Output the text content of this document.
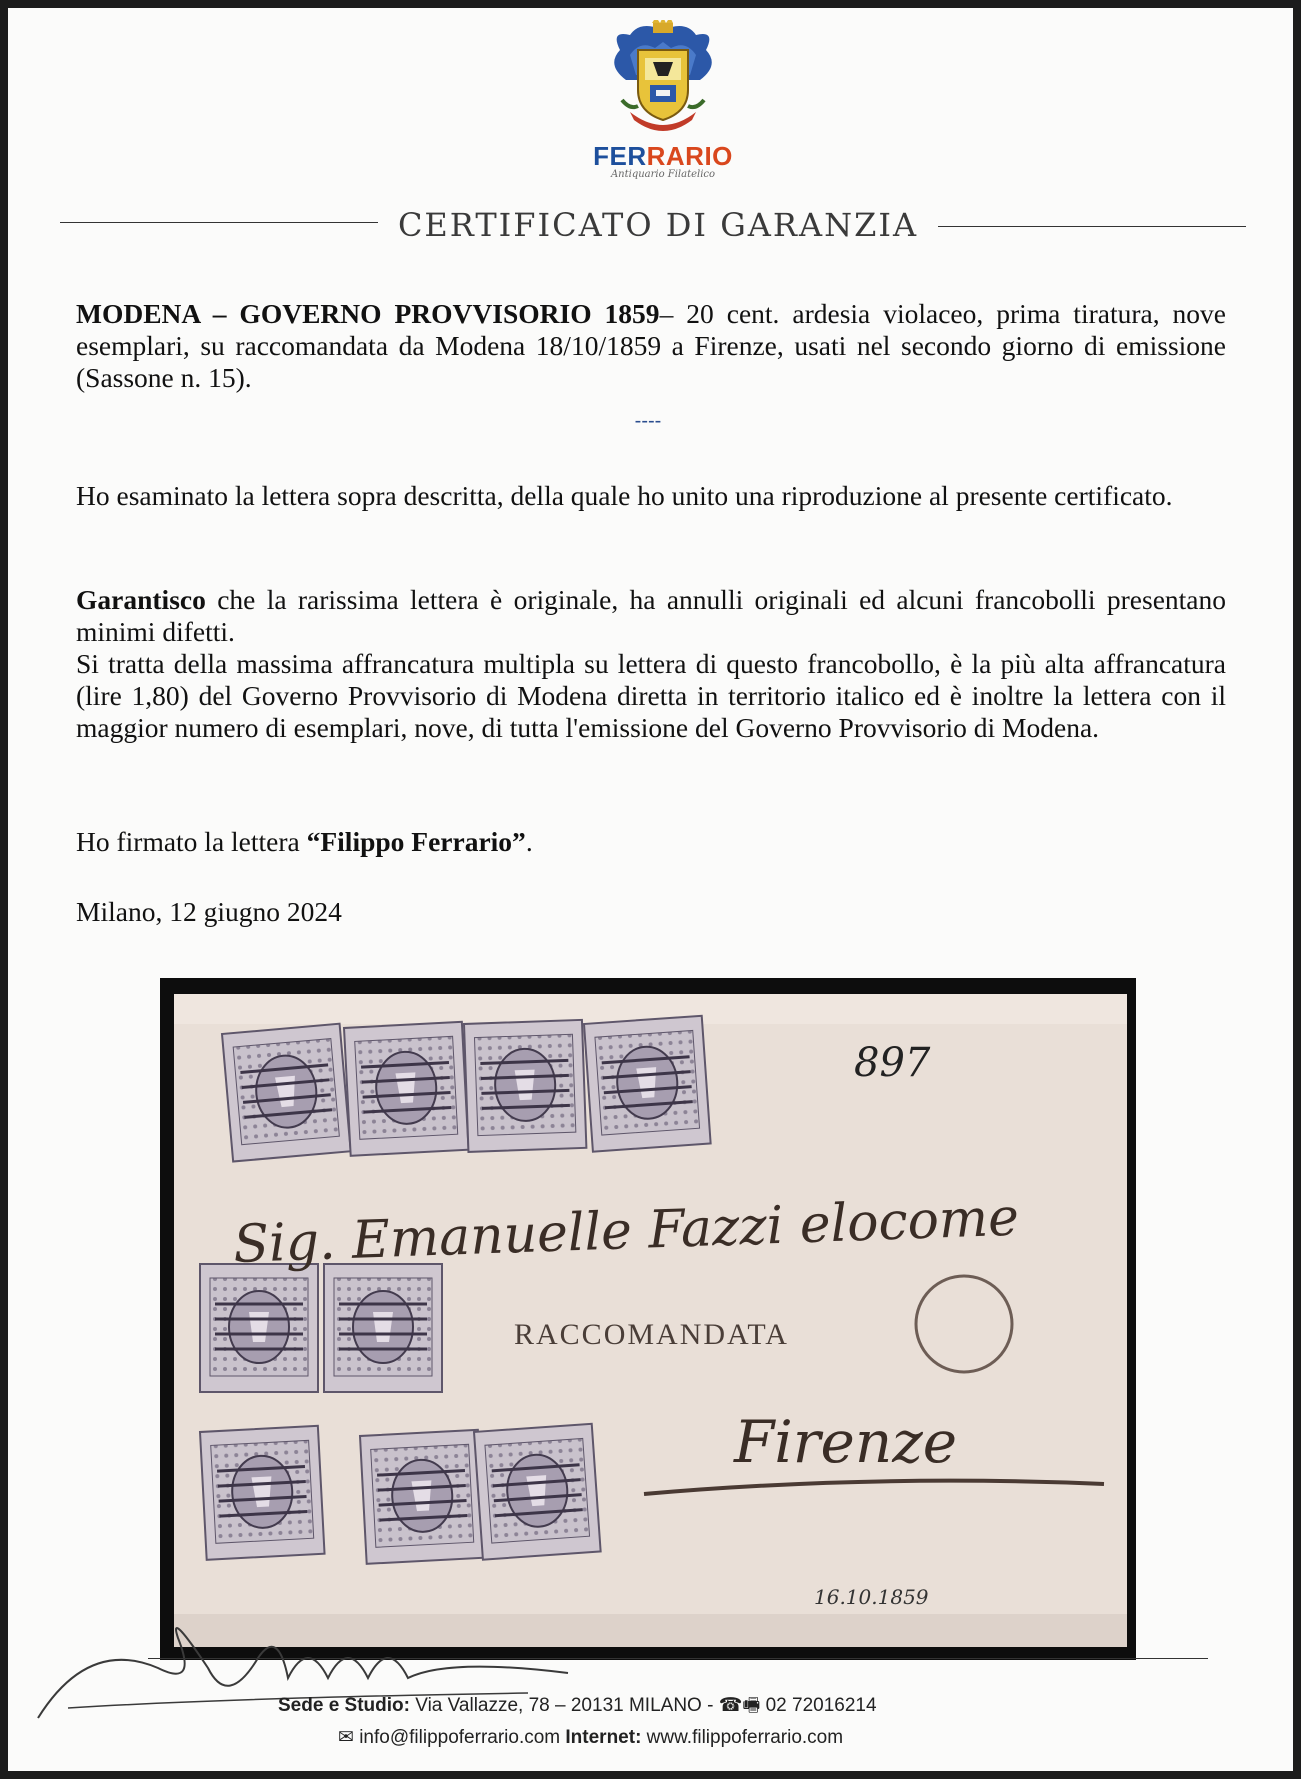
FERRARIO
Antiquario Filatelico
CERTIFICATO DI GARANZIA
MODENA – GOVERNO PROVVISORIO 1859– 20 cent. ardesia violaceo, prima tiratura, nove esemplari, su raccomandata da Modena 18/10/1859 a Firenze, usati nel secondo giorno di emissione (Sassone n. 15).
----
Ho esaminato la lettera sopra descritta, della quale ho unito una riproduzione al presente certificato.
Garantisco che la rarissima lettera è originale, ha annulli originali ed alcuni francobolli presentano minimi difetti.
Si tratta della massima affrancatura multipla su lettera di questo francobollo, è la più alta affrancatura (lire 1,80) del Governo Provvisorio di Modena diretta in territorio italico ed è inoltre la lettera con il maggior numero di esemplari, nove, di tutta l'emissione del Governo Provvisorio di Modena.
Ho firmato la lettera “Filippo Ferrario”.
Milano, 12 giugno 2024
897
Sig. Emanuelle Fazzi elocome
RACCOMANDATA
Firenze
16.10.1859
Sede e Studio: Via Vallazze, 78 – 20131 MILANO - ☎🖷 02 72016214
✉ info@filippoferrario.com Internet: www.filippoferrario.com
